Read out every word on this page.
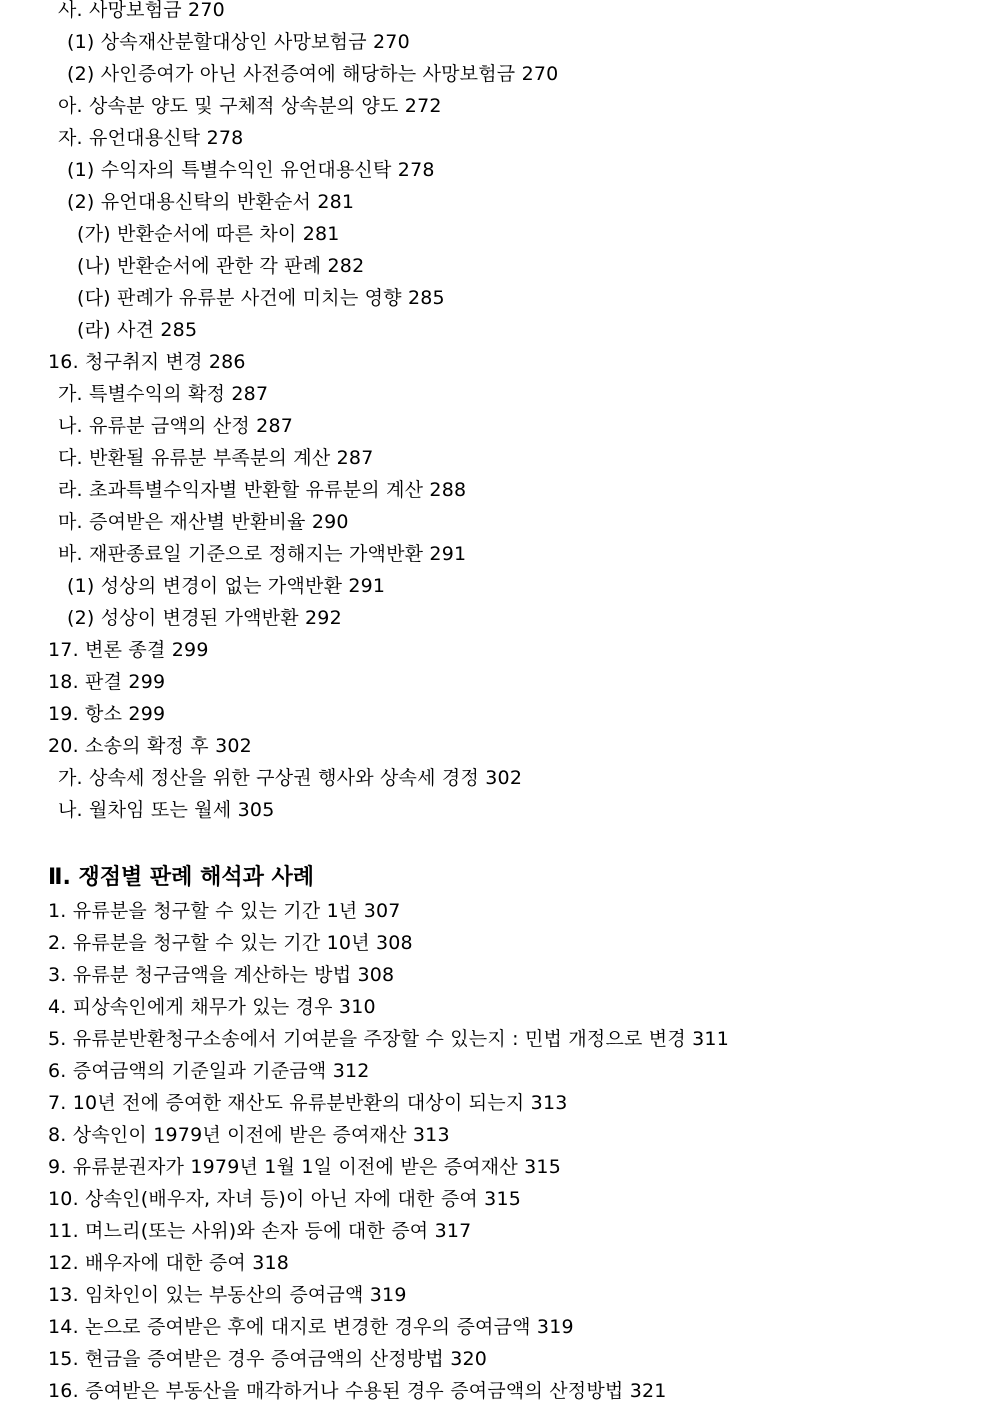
사. 사망보험금 270
(1) 상속재산분할대상인 사망보험금 270
(2) 사인증여가 아닌 사전증여에 해당하는 사망보험금 270
아. 상속분 양도 및 구체적 상속분의 양도 272
자. 유언대용신탁 278
(1) 수익자의 특별수익인 유언대용신탁 278
(2) 유언대용신탁의 반환순서 281
(가) 반환순서에 따른 차이 281
(나) 반환순서에 관한 각 판례 282
(다) 판례가 유류분 사건에 미치는 영향 285
(라) 사견 285
16. 청구취지 변경 286
가. 특별수익의 확정 287
나. 유류분 금액의 산정 287
다. 반환될 유류분 부족분의 계산 287
라. 초과특별수익자별 반환할 유류분의 계산 288
마. 증여받은 재산별 반환비율 290
바. 재판종료일 기준으로 정해지는 가액반환 291
(1) 성상의 변경이 없는 가액반환 291
(2) 성상이 변경된 가액반환 292
17. 변론 종결 299
18. 판결 299
19. 항소 299
20. 소송의 확정 후 302
가. 상속세 정산을 위한 구상권 행사와 상속세 경정 302
나. 월차임 또는 월세 305
Ⅱ. 쟁점별 판례 해석과 사례
1. 유류분을 청구할 수 있는 기간 1년 307
2. 유류분을 청구할 수 있는 기간 10년 308
3. 유류분 청구금액을 계산하는 방법 308
4. 피상속인에게 채무가 있는 경우 310
5. 유류분반환청구소송에서 기여분을 주장할 수 있는지 : 민법 개정으로 변경 311
6. 증여금액의 기준일과 기준금액 312
7. 10년 전에 증여한 재산도 유류분반환의 대상이 되는지 313
8. 상속인이 1979년 이전에 받은 증여재산 313
9. 유류분권자가 1979년 1월 1일 이전에 받은 증여재산 315
10. 상속인(배우자, 자녀 등)이 아닌 자에 대한 증여 315
11. 며느리(또는 사위)와 손자 등에 대한 증여 317
12. 배우자에 대한 증여 318
13. 임차인이 있는 부동산의 증여금액 319
14. 논으로 증여받은 후에 대지로 변경한 경우의 증여금액 319
15. 현금을 증여받은 경우 증여금액의 산정방법 320
16. 증여받은 부동산을 매각하거나 수용된 경우 증여금액의 산정방법 321
